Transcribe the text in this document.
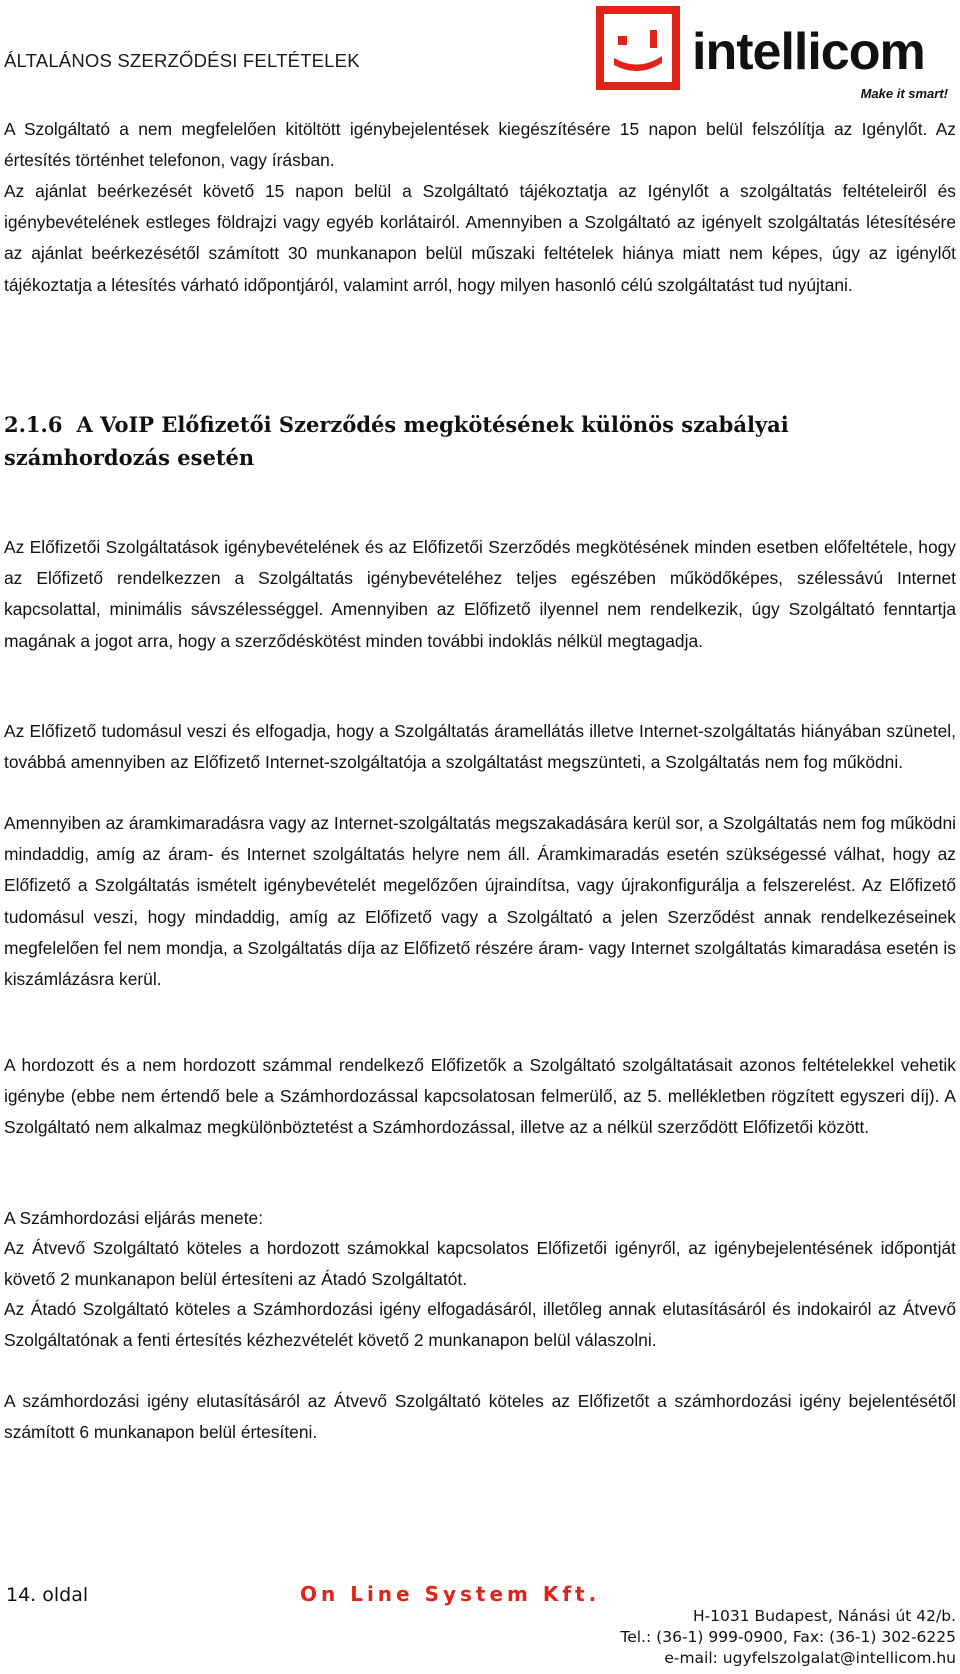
ÁLTALÁNOS SZERZŐDÉSI FELTÉTELEK	intellicom
Make it smart!

A Szolgáltató a nem megfelelően kitöltött igénybejelentések kiegészítésére 15 napon belül felszólítja az Igénylőt. Az értesítés történhet telefonon, vagy írásban.

Az ajánlat beérkezését követő 15 napon belül a Szolgáltató tájékoztatja az Igénylőt a szolgáltatás feltételeiről és igénybevételének estleges földrajzi vagy egyéb korlátairól. Amennyiben a Szolgáltató az igényelt szolgáltatás létesítésére az ajánlat beérkezésétől számított 30 munkanapon belül műszaki feltételek hiánya miatt nem képes, úgy az igénylőt tájékoztatja a létesítés várható időpontjáról, valamint arról, hogy milyen hasonló célú szolgáltatást tud nyújtani.

2.1.6 A VoIP Előfizetői Szerződés megkötésének különös szabályai számhordozás esetén

Az Előfizetői Szolgáltatások igénybevételének és az Előfizetői Szerződés megkötésének minden esetben előfeltétele, hogy az Előfizető rendelkezzen a Szolgáltatás igénybevételéhez teljes egészében működőképes, szélessávú Internet kapcsolattal, minimális sávszélességgel. Amennyiben az Előfizető ilyennel nem rendelkezik, úgy Szolgáltató fenntartja magának a jogot arra, hogy a szerződéskötést minden további indoklás nélkül megtagadja.

Az Előfizető tudomásul veszi és elfogadja, hogy a Szolgáltatás áramellátás illetve Internet-szolgáltatás hiányában szünetel, továbbá amennyiben az Előfizető Internet-szolgáltatója a szolgáltatást megszünteti, a Szolgáltatás nem fog működni.

Amennyiben az áramkimaradásra vagy az Internet-szolgáltatás megszakadására kerül sor, a Szolgáltatás nem fog működni mindaddig, amíg az áram- és Internet szolgáltatás helyre nem áll. Áramkimaradás esetén szükségessé válhat, hogy az Előfizető a Szolgáltatás ismételt igénybevételét megelőzően újraindítsa, vagy újrakonfigurálja a felszerelést. Az Előfizető tudomásul veszi, hogy mindaddig, amíg az Előfizető vagy a Szolgáltató a jelen Szerződést annak rendelkezéseinek megfelelően fel nem mondja, a Szolgáltatás díja az Előfizető részére áram- vagy Internet szolgáltatás kimaradása esetén is kiszámlázásra kerül.

A hordozott és a nem hordozott számmal rendelkező Előfizetők a Szolgáltató szolgáltatásait azonos feltételekkel vehetik igénybe (ebbe nem értendő bele a Számhordozással kapcsolatosan felmerülő, az 5. mellékletben rögzített egyszeri díj). A Szolgáltató nem alkalmaz megkülönböztetést a Számhordozással, illetve az a nélkül szerződött Előfizetői között.

A Számhordozási eljárás menete:

Az Átvevő Szolgáltató köteles a hordozott számokkal kapcsolatos Előfizetői igényről, az igénybejelentésének időpontját követő 2 munkanapon belül értesíteni az Átadó Szolgáltatót.

Az Átadó Szolgáltató köteles a Számhordozási igény elfogadásáról, illetőleg annak elutasításáról és indokairól az Átvevő Szolgáltatónak a fenti értesítés kézhezvételét követő 2 munkanapon belül válaszolni.

A számhordozási igény elutasításáról az Átvevő Szolgáltató köteles az Előfizetőt a számhordozási igény bejelentésétől számított 6 munkanapon belül értesíteni.

14. oldal	On Line System Kft.
H-1031 Budapest, Nánási út 42/b.
Tel.: (36-1) 999-0900, Fax: (36-1) 302-6225
e-mail: ugyfelszolgalat@intellicom.hu
